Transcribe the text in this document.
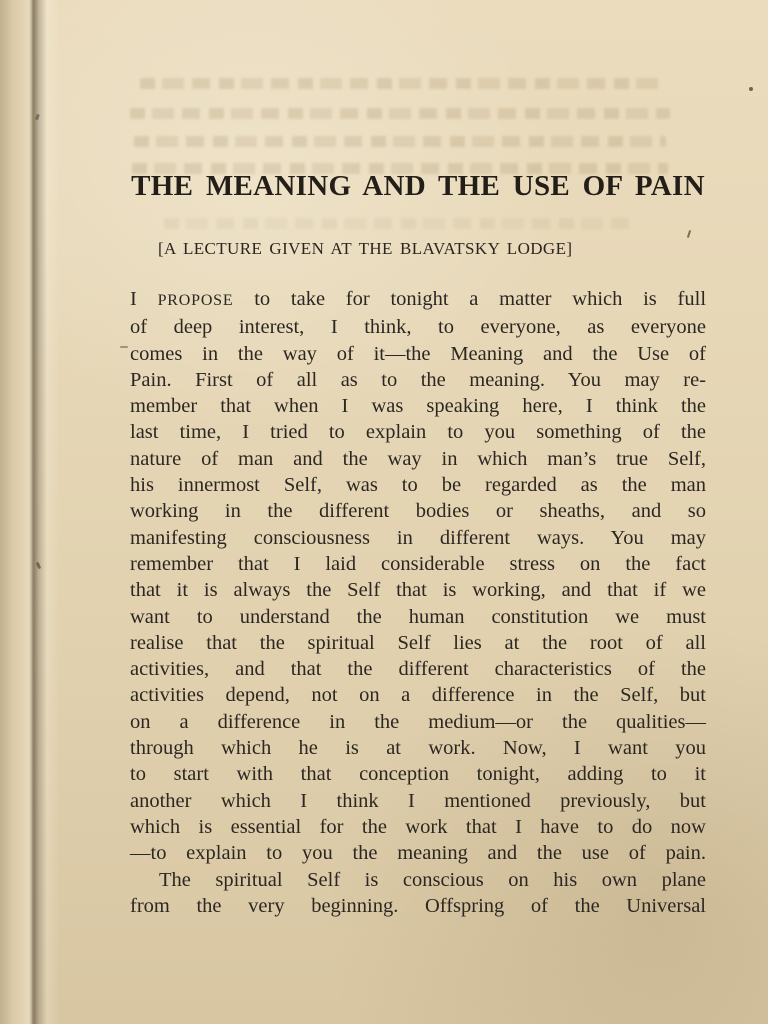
THE MEANING AND THE USE OF PAIN
[A LECTURE GIVEN AT THE BLAVATSKY LODGE]
I PROPOSE to take for tonight a matter which is full
of deep interest, I think, to everyone, as everyone
comes in the way of it—the Meaning and the Use of
Pain. First of all as to the meaning. You may re-
member that when I was speaking here, I think the
last time, I tried to explain to you something of the
nature of man and the way in which man’s true Self,
his innermost Self, was to be regarded as the man
working in the different bodies or sheaths, and so
manifesting consciousness in different ways. You may
remember that I laid considerable stress on the fact
that it is always the Self that is working, and that if we
want to understand the human constitution we must
realise that the spiritual Self lies at the root of all
activities, and that the different characteristics of the
activities depend, not on a difference in the Self, but
on a difference in the medium—or the qualities—
through which he is at work. Now, I want you
to start with that conception tonight, adding to it
another which I think I mentioned previously, but
which is essential for the work that I have to do now
—to explain to you the meaning and the use of pain.
The spiritual Self is conscious on his own plane
from the very beginning. Offspring of the Universal
